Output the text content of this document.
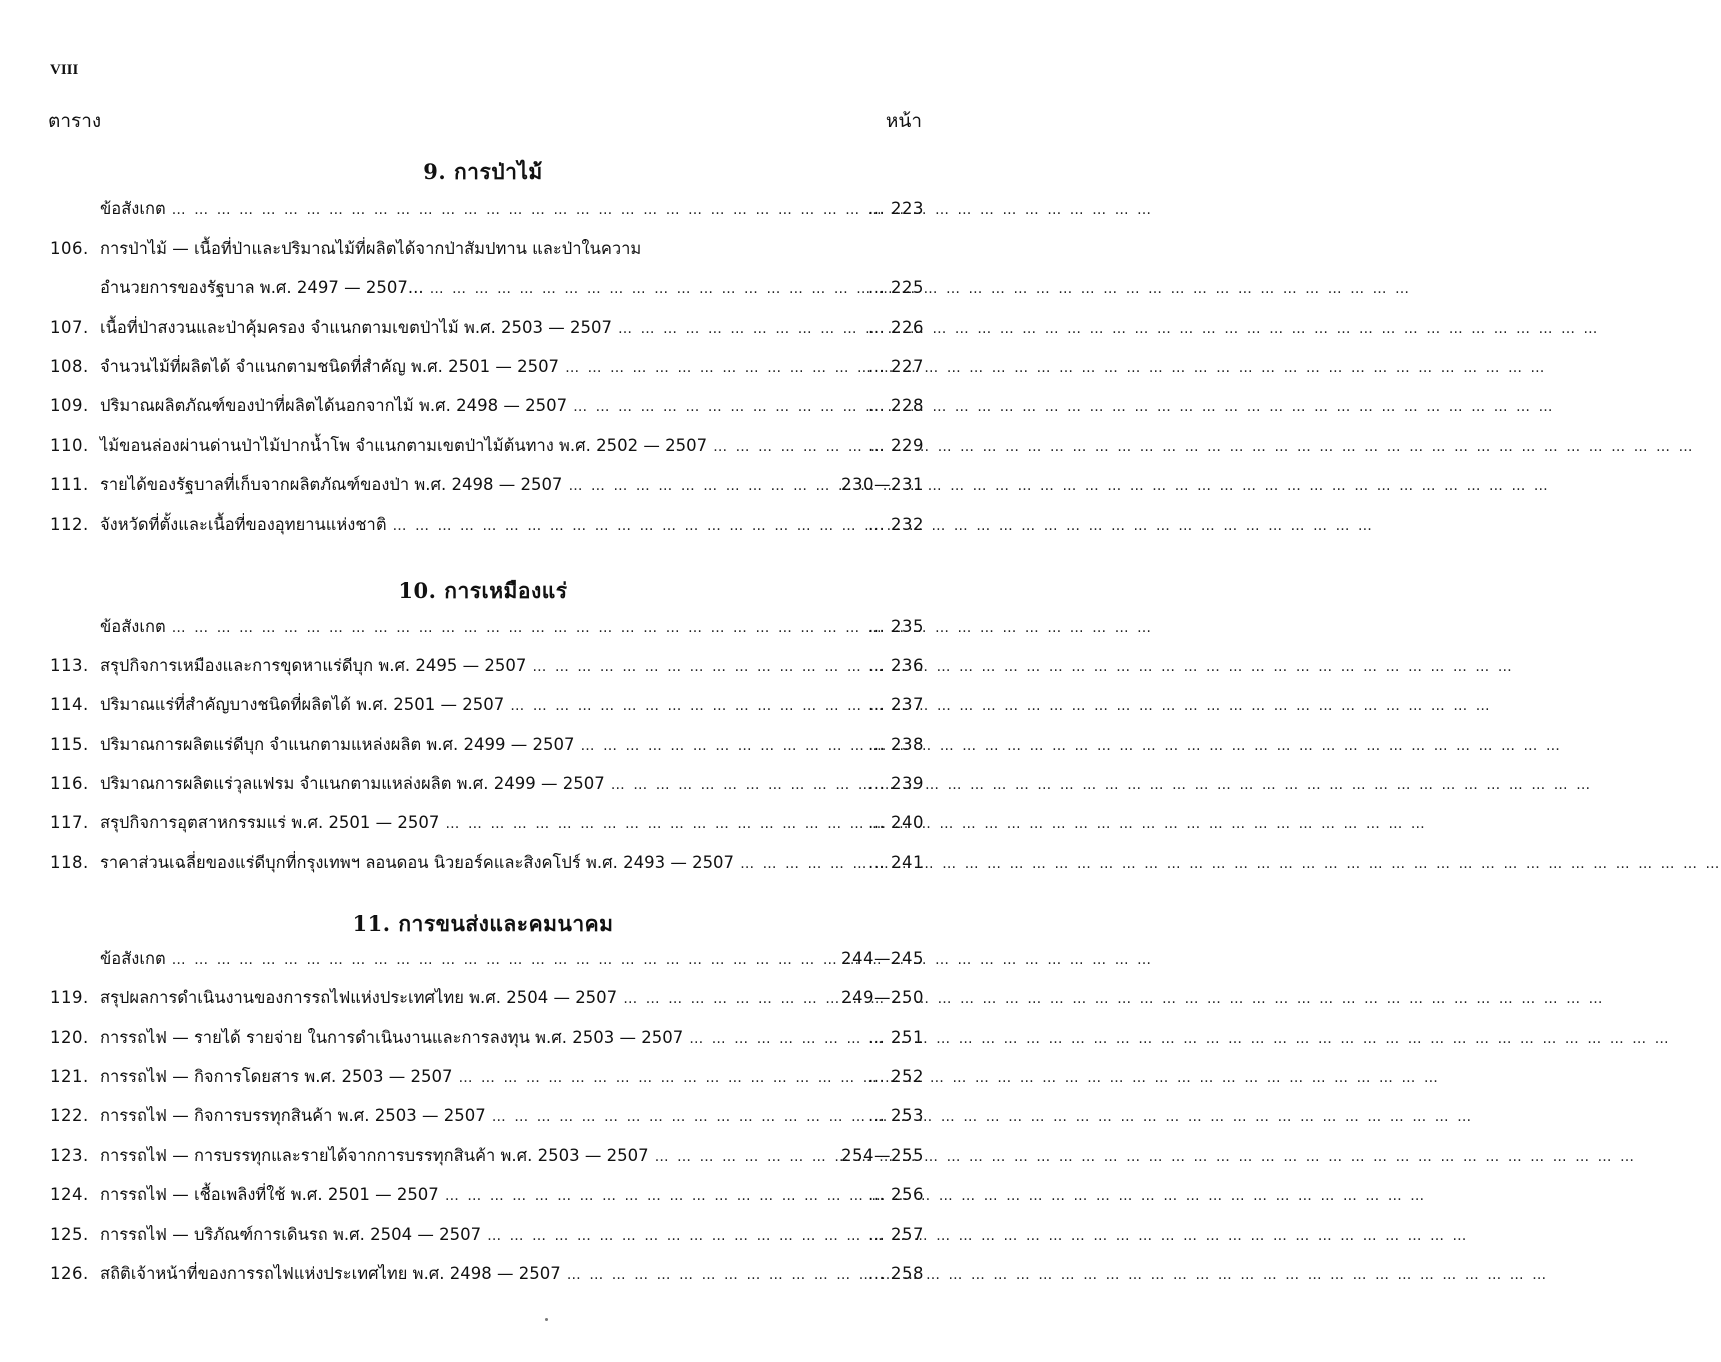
VIII
ตาราง	หน้า
9. การป่าไม้
ข้อสังเกต … … … … … … … … … … … … … … … … … … … … … … … … … … … … … … … … … … … … … … … … … … … …	... 223
106. การป่าไม้ — เนื้อที่ป่าและปริมาณไม้ที่ผลิตได้จากป่าสัมปทาน และป่าในความ
อำนวยการของรัฐบาล พ.ศ. 2497 — 2507... … … … … … … … … … … … … … … … … … … … … … … … … … … … … … … … … … … … … … … … … … … … …	... 225
107. เนื้อที่ป่าสงวนและป่าคุ้มครอง จำแนกตามเขตป่าไม้ พ.ศ. 2503 — 2507 … … … … … … … … … … … … … … … … … … … … … … … … … … … … … … … … … … … … … … … … … … … …	... 226
108. จำนวนไม้ที่ผลิตได้ จำแนกตามชนิดที่สำคัญ พ.ศ. 2501 — 2507 … … … … … … … … … … … … … … … … … … … … … … … … … … … … … … … … … … … … … … … … … … … …	... 227
109. ปริมาณผลิตภัณฑ์ของป่าที่ผลิตได้นอกจากไม้ พ.ศ. 2498 — 2507 … … … … … … … … … … … … … … … … … … … … … … … … … … … … … … … … … … … … … … … … … … … …	... 228
110. ไม้ขอนล่องผ่านด่านป่าไม้ปากน้ำโพ จำแนกตามเขตป่าไม้ต้นทาง พ.ศ. 2502 — 2507 … … … … … … … … … … … … … … … … … … … … … … … … … … … … … … … … … … … … … … … … … … … …	... 229
111. รายได้ของรัฐบาลที่เก็บจากผลิตภัณฑ์ของป่า พ.ศ. 2498 — 2507 … … … … … … … … … … … … … … … … … … … … … … … … … … … … … … … … … … … … … … … … … … … …	230—231
112. จังหวัดที่ตั้งและเนื้อที่ของอุทยานแห่งชาติ … … … … … … … … … … … … … … … … … … … … … … … … … … … … … … … … … … … … … … … … … … … …	... 232
10. การเหมืองแร่
ข้อสังเกต … … … … … … … … … … … … … … … … … … … … … … … … … … … … … … … … … … … … … … … … … … … …	... 235
113. สรุปกิจการเหมืองและการขุดหาแร่ดีบุก พ.ศ. 2495 — 2507 … … … … … … … … … … … … … … … … … … … … … … … … … … … … … … … … … … … … … … … … … … … …	... 236
114. ปริมาณแร่ที่สำคัญบางชนิดที่ผลิตได้ พ.ศ. 2501 — 2507 … … … … … … … … … … … … … … … … … … … … … … … … … … … … … … … … … … … … … … … … … … … …	... 237
115. ปริมาณการผลิตแร่ดีบุก จำแนกตามแหล่งผลิต พ.ศ. 2499 — 2507 … … … … … … … … … … … … … … … … … … … … … … … … … … … … … … … … … … … … … … … … … … … …	... 238
116. ปริมาณการผลิตแร่วุลแฟรม จำแนกตามแหล่งผลิต พ.ศ. 2499 — 2507 … … … … … … … … … … … … … … … … … … … … … … … … … … … … … … … … … … … … … … … … … … … …	... 239
117. สรุปกิจการอุตสาหกรรมแร่ พ.ศ. 2501 — 2507 … … … … … … … … … … … … … … … … … … … … … … … … … … … … … … … … … … … … … … … … … … … …	... 240
118. ราคาส่วนเฉลี่ยของแร่ดีบุกที่กรุงเทพฯ ลอนดอน นิวยอร์คและสิงคโปร์ พ.ศ. 2493 — 2507 … … … … … … … … … … … … … … … … … … … … … … … … … … … … … … … … … … … … … … … … … … … …	... 241
11. การขนส่งและคมนาคม
ข้อสังเกต … … … … … … … … … … … … … … … … … … … … … … … … … … … … … … … … … … … … … … … … … … … …	244—245
119. สรุปผลการดำเนินงานของการรถไฟแห่งประเทศไทย พ.ศ. 2504 — 2507 … … … … … … … … … … … … … … … … … … … … … … … … … … … … … … … … … … … … … … … … … … … …	249—250
120. การรถไฟ — รายได้ รายจ่าย ในการดำเนินงานและการลงทุน พ.ศ. 2503 — 2507 … … … … … … … … … … … … … … … … … … … … … … … … … … … … … … … … … … … … … … … … … … … …	... 251
121. การรถไฟ — กิจการโดยสาร พ.ศ. 2503 — 2507 … … … … … … … … … … … … … … … … … … … … … … … … … … … … … … … … … … … … … … … … … … … …	... 252
122. การรถไฟ — กิจการบรรทุกสินค้า พ.ศ. 2503 — 2507 … … … … … … … … … … … … … … … … … … … … … … … … … … … … … … … … … … … … … … … … … … … …	... 253
123. การรถไฟ — การบรรทุกและรายได้จากการบรรทุกสินค้า พ.ศ. 2503 — 2507 … … … … … … … … … … … … … … … … … … … … … … … … … … … … … … … … … … … … … … … … … … … …	254—255
124. การรถไฟ — เชื้อเพลิงที่ใช้ พ.ศ. 2501 — 2507 … … … … … … … … … … … … … … … … … … … … … … … … … … … … … … … … … … … … … … … … … … … …	... 256
125. การรถไฟ — บริภัณฑ์การเดินรถ พ.ศ. 2504 — 2507 … … … … … … … … … … … … … … … … … … … … … … … … … … … … … … … … … … … … … … … … … … … …	... 257
126. สถิติเจ้าหน้าที่ของการรถไฟแห่งประเทศไทย พ.ศ. 2498 — 2507 … … … … … … … … … … … … … … … … … … … … … … … … … … … … … … … … … … … … … … … … … … … …	... 258
